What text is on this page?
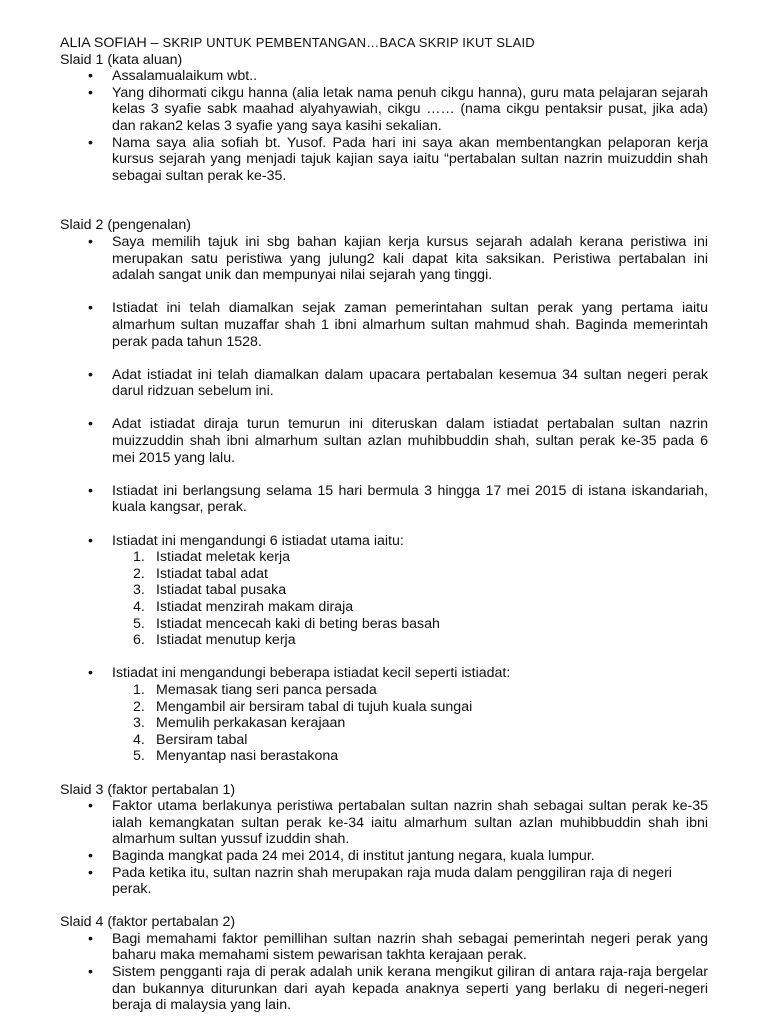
ALIA SOFIAH – SKRIP UNTUK PEMBENTANGAN…BACA SKRIP IKUT SLAID

Slaid 1 (kata aluan)

• Assalamualaikum wbt..
• Yang dihormati cikgu hanna (alia letak nama penuh cikgu hanna), guru mata pelajaran sejarah kelas 3 syafie sabk maahad alyahyawiah, cikgu …… (nama cikgu pentaksir pusat, jika ada) dan rakan2 kelas 3 syafie yang saya kasihi sekalian.
• Nama saya alia sofiah bt. Yusof. Pada hari ini saya akan membentangkan pelaporan kerja kursus sejarah yang menjadi tajuk kajian saya iaitu “pertabalan sultan nazrin muizuddin shah sebagai sultan perak ke-35.

Slaid 2 (pengenalan)

• Saya memilih tajuk ini sbg bahan kajian kerja kursus sejarah adalah kerana peristiwa ini merupakan satu peristiwa yang julung2 kali dapat kita saksikan. Peristiwa pertabalan ini adalah sangat unik dan mempunyai nilai sejarah yang tinggi.
• Istiadat ini telah diamalkan sejak zaman pemerintahan sultan perak yang pertama iaitu almarhum sultan muzaffar shah 1 ibni almarhum sultan mahmud shah. Baginda memerintah perak pada tahun 1528.
• Adat istiadat ini telah diamalkan dalam upacara pertabalan kesemua 34 sultan negeri perak darul ridzuan sebelum ini.
• Adat istiadat diraja turun temurun ini diteruskan dalam istiadat pertabalan sultan nazrin muizzuddin shah ibni almarhum sultan azlan muhibbuddin shah, sultan perak ke-35 pada 6 mei 2015 yang lalu.
• Istiadat ini berlangsung selama 15 hari bermula 3 hingga 17 mei 2015 di istana iskandariah, kuala kangsar, perak.
• Istiadat ini mengandungi 6 istiadat utama iaitu:
1. Istiadat meletak kerja
2. Istiadat tabal adat
3. Istiadat tabal pusaka
4. Istiadat menzirah makam diraja
5. Istiadat mencecah kaki di beting beras basah
6. Istiadat menutup kerja
• Istiadat ini mengandungi beberapa istiadat kecil seperti istiadat:
1. Memasak tiang seri panca persada
2. Mengambil air bersiram tabal di tujuh kuala sungai
3. Memulih perkakasan kerajaan
4. Bersiram tabal
5. Menyantap nasi berastakona

Slaid 3 (faktor pertabalan 1)

• Faktor utama berlakunya peristiwa pertabalan sultan nazrin shah sebagai sultan perak ke-35 ialah kemangkatan sultan perak ke-34 iaitu almarhum sultan azlan muhibbuddin shah ibni almarhum sultan yussuf izuddin shah.
• Baginda mangkat pada 24 mei 2014, di institut jantung negara, kuala lumpur.
• Pada ketika itu, sultan nazrin shah merupakan raja muda dalam penggiliran raja di negeri perak.

Slaid 4 (faktor pertabalan 2)

• Bagi memahami faktor pemillihan sultan nazrin shah sebagai pemerintah negeri perak yang baharu maka memahami sistem pewarisan takhta kerajaan perak.
• Sistem pengganti raja di perak adalah unik kerana mengikut giliran di antara raja-raja bergelar dan bukannya diturunkan dari ayah kepada anaknya seperti yang berlaku di negeri-negeri beraja di malaysia yang lain.
